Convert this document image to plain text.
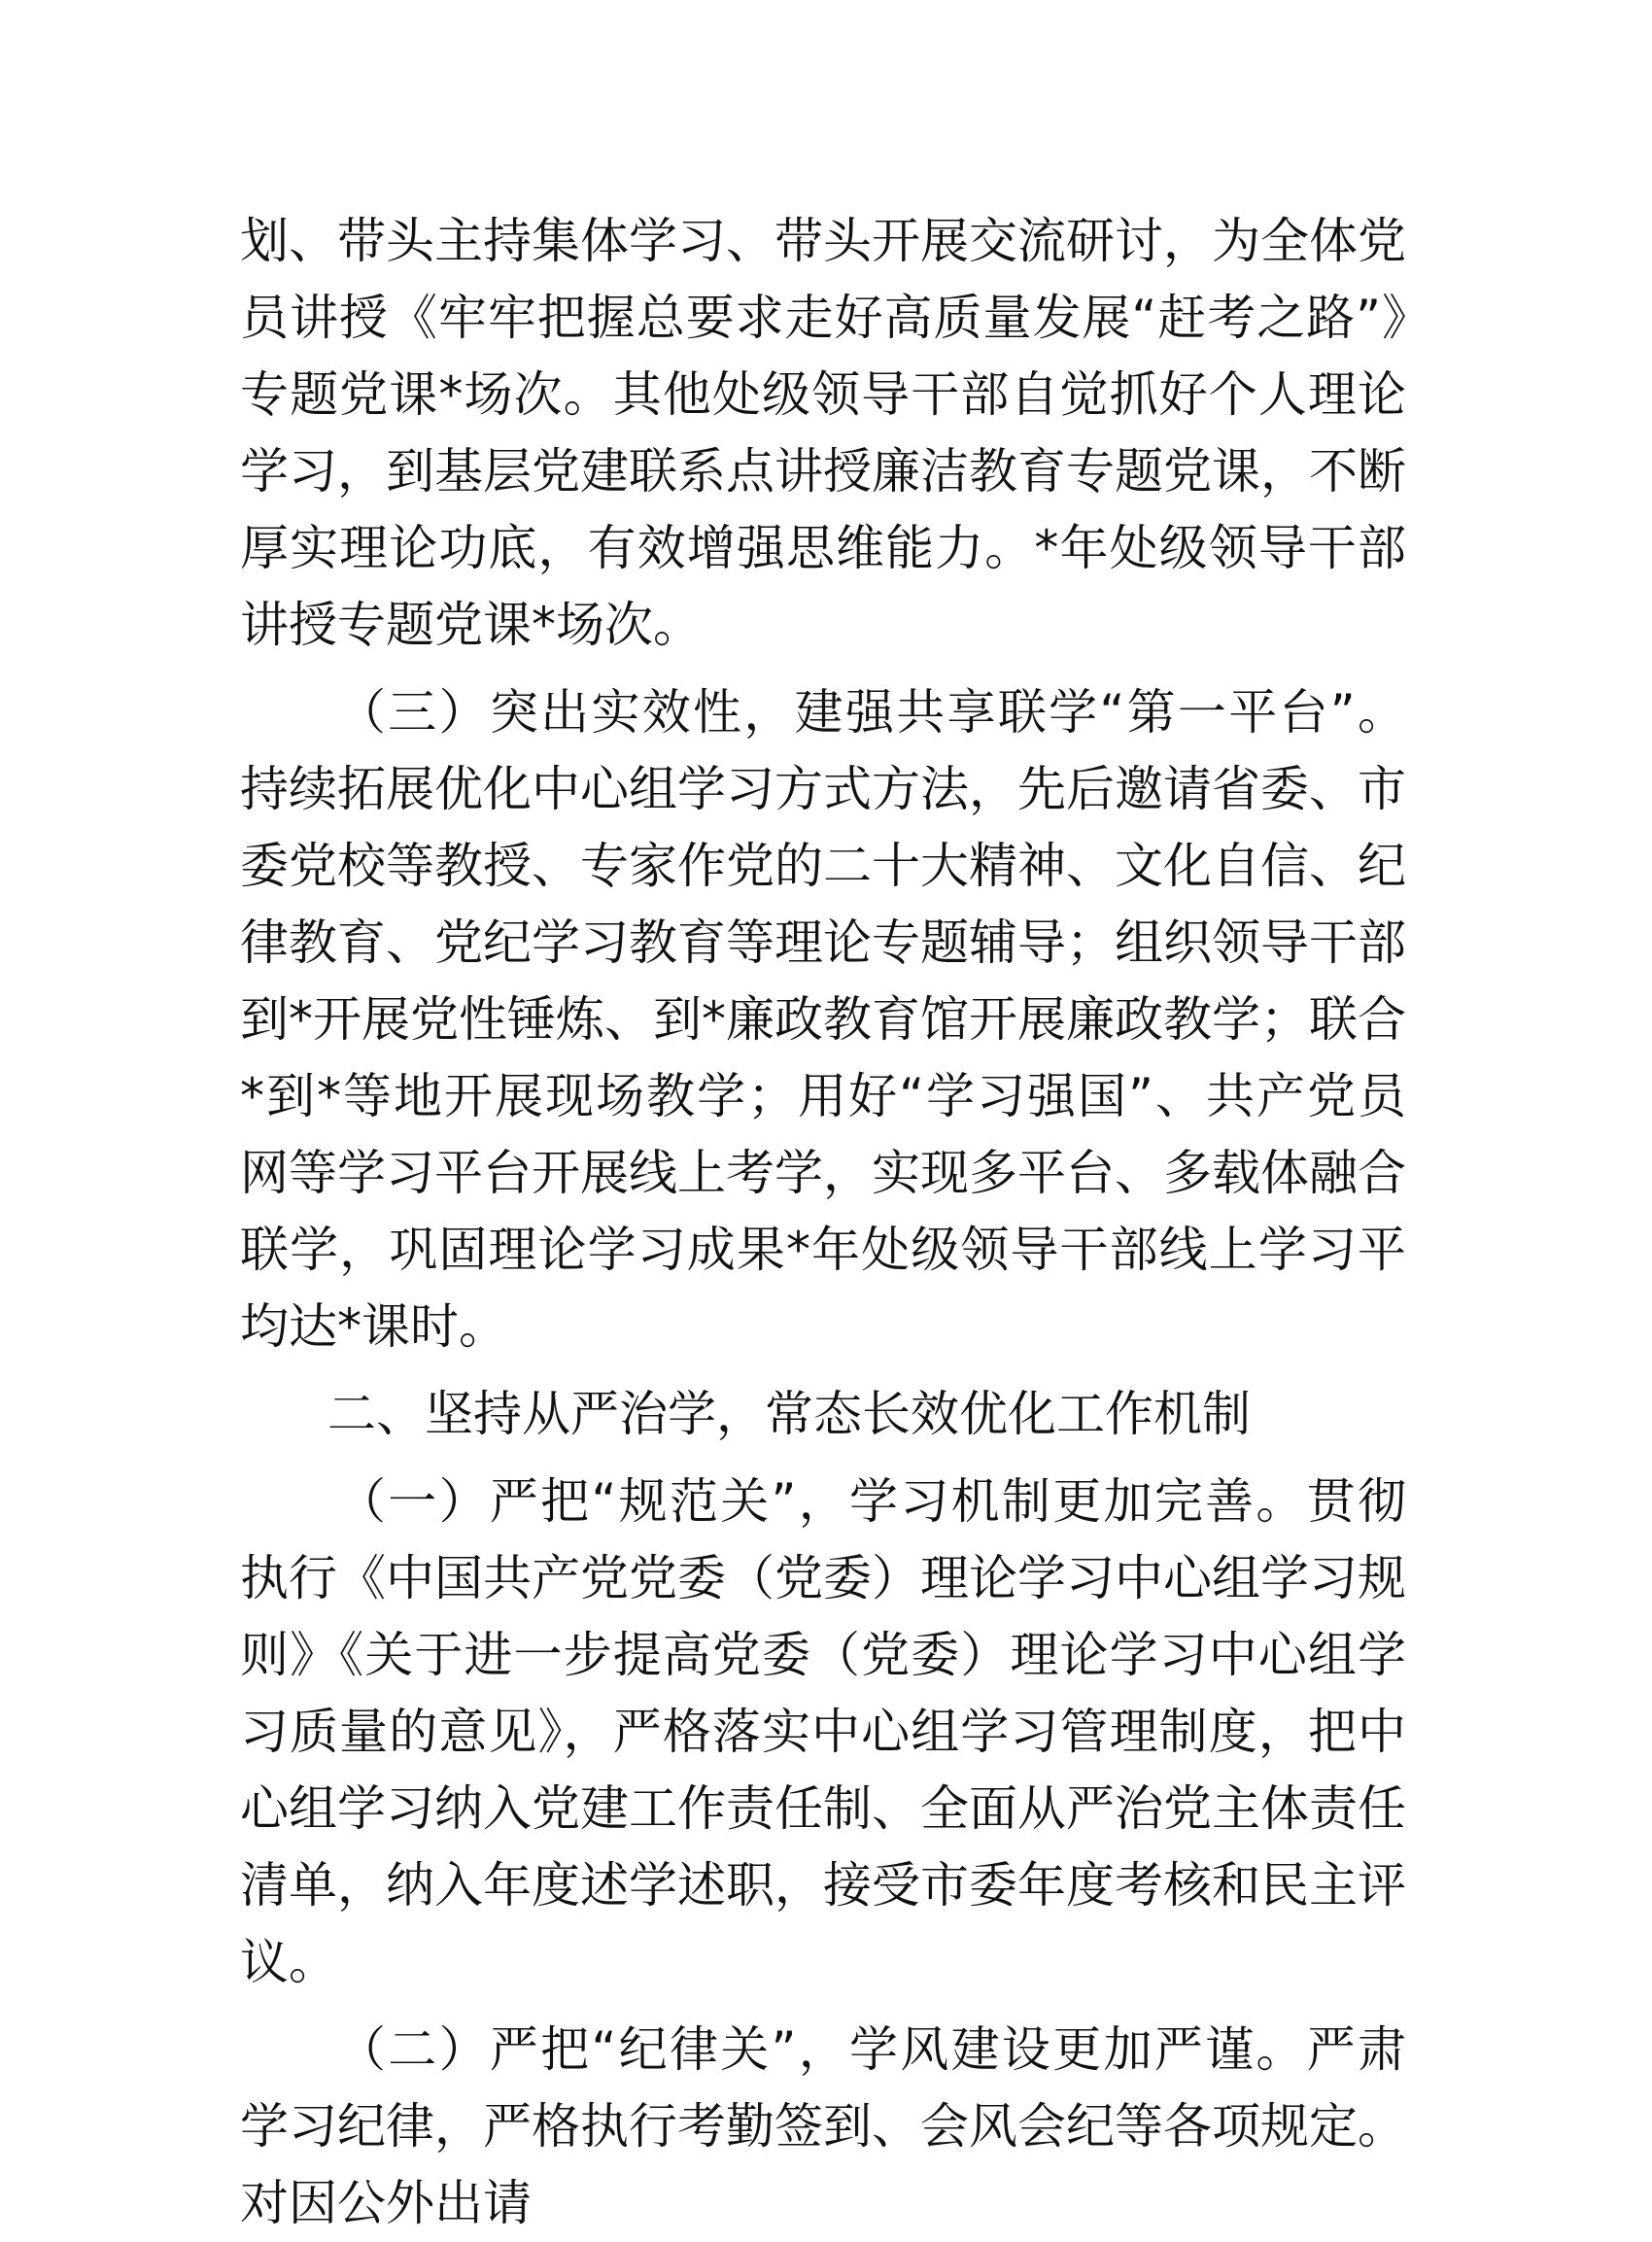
划、带头主持集体学习、带头开展交流研讨，为全体党员讲授《牢牢把握总要求走好高质量发展“赶考之路”》专题党课*场次。其他处级领导干部自觉抓好个人理论学习，到基层党建联系点讲授廉洁教育专题党课，不断厚实理论功底，有效增强思维能力。*年处级领导干部讲授专题党课*场次。

（三）突出实效性，建强共享联学“第一平台”。持续拓展优化中心组学习方式方法，先后邀请省委、市委党校等教授、专家作党的二十大精神、文化自信、纪律教育、党纪学习教育等理论专题辅导；组织领导干部到*开展党性锤炼、到*廉政教育馆开展廉政教学；联合*到*等地开展现场教学；用好“学习强国”、共产党员网等学习平台开展线上考学，实现多平台、多载体融合联学，巩固理论学习成果*年处级领导干部线上学习平均达*课时。

二、坚持从严治学，常态长效优化工作机制

（一）严把“规范关”，学习机制更加完善。贯彻执行《中国共产党党委（党委）理论学习中心组学习规则》《关于进一步提高党委（党委）理论学习中心组学习质量的意见》，严格落实中心组学习管理制度，把中心组学习纳入党建工作责任制、全面从严治党主体责任清单，纳入年度述学述职，接受市委年度考核和民主评议。

（二）严把“纪律关”，学风建设更加严谨。严肃学习纪律，严格执行考勤签到、会风会纪等各项规定。对因公外出请
